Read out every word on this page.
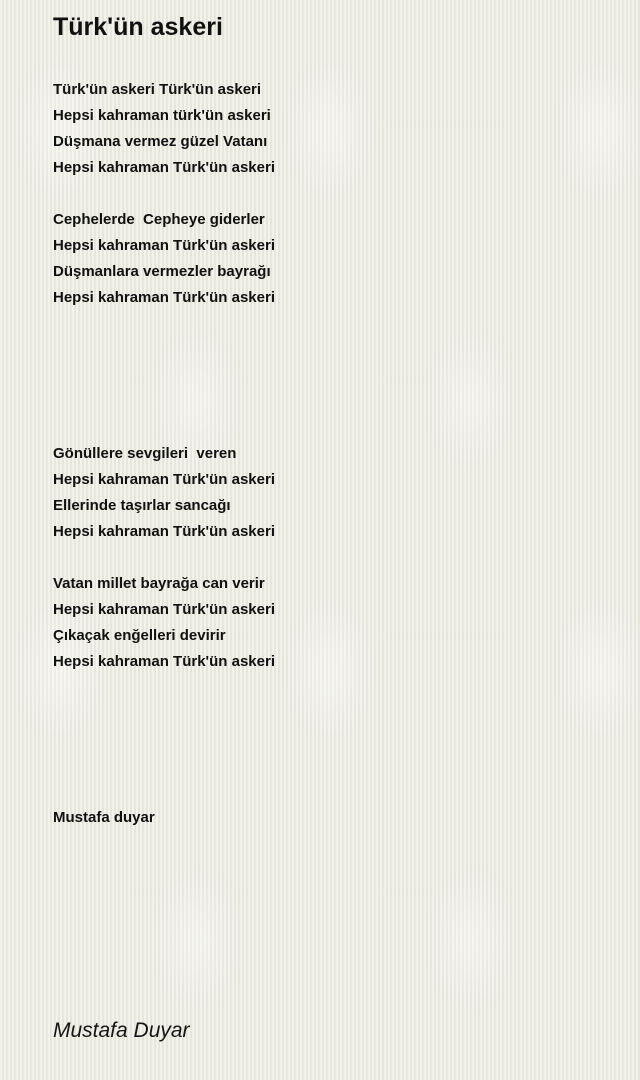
Türk'ün askeri
Türk'ün askeri Türk'ün askeri
Hepsi kahraman türk'ün askeri
Düşmana vermez güzel Vatanı
Hepsi kahraman Türk'ün askeri
Cephelerde  Cepheye giderler
Hepsi kahraman Türk'ün askeri
Düşmanlara vermezler bayrağı
Hepsi kahraman Türk'ün askeri
Gönüllere sevgileri  veren
Hepsi kahraman Türk'ün askeri
Ellerinde taşırlar sancağı
Hepsi kahraman Türk'ün askeri
Vatan millet bayrağa can verir
Hepsi kahraman Türk'ün askeri
Çıkaçak enğelleri devirir
Hepsi kahraman Türk'ün askeri
Mustafa duyar
Mustafa Duyar
